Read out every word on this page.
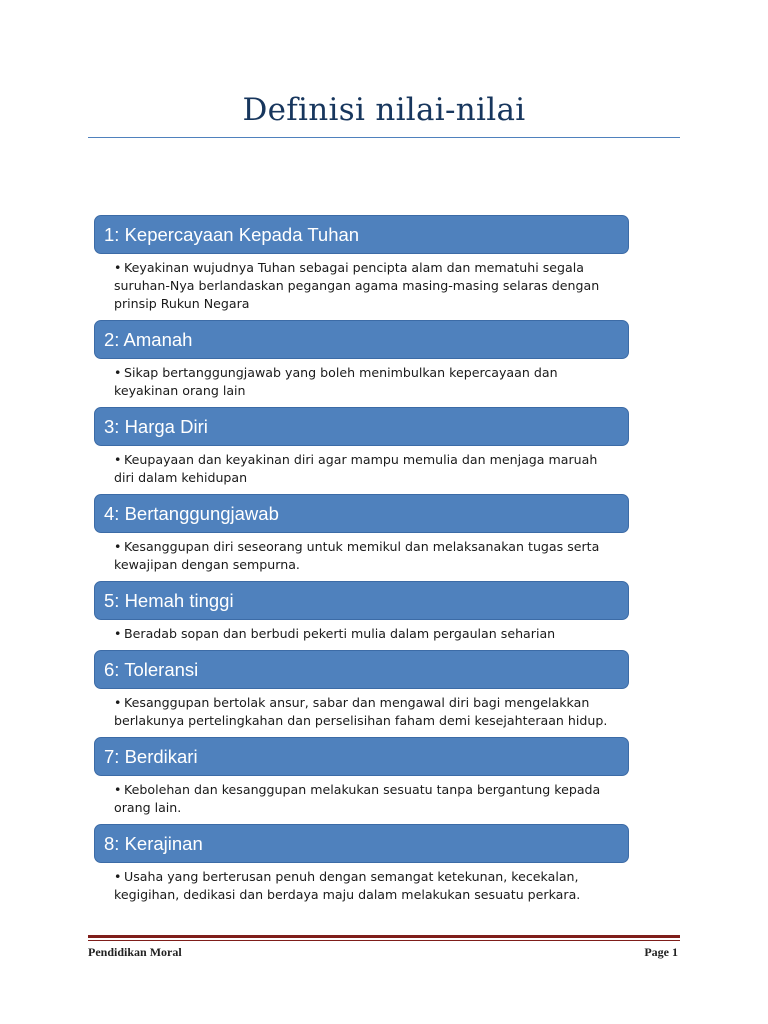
Definisi nilai-nilai
1: Kepercayaan Kepada Tuhan
• Keyakinan wujudnya Tuhan sebagai pencipta alam dan mematuhi segala suruhan-Nya berlandaskan pegangan agama masing-masing selaras dengan prinsip Rukun Negara
2: Amanah
• Sikap bertanggungjawab yang boleh menimbulkan kepercayaan dan keyakinan orang lain
3: Harga Diri
• Keupayaan dan keyakinan diri agar mampu memulia dan menjaga maruah diri dalam kehidupan
4: Bertanggungjawab
• Kesanggupan diri seseorang untuk memikul dan melaksanakan tugas serta kewajipan dengan sempurna.
5: Hemah tinggi
• Beradab sopan dan berbudi pekerti mulia dalam pergaulan seharian
6: Toleransi
• Kesanggupan bertolak ansur, sabar dan mengawal diri bagi mengelakkan berlakunya pertelingkahan dan perselisihan faham demi kesejahteraan hidup.
7: Berdikari
• Kebolehan dan kesanggupan melakukan sesuatu tanpa bergantung kepada orang lain.
8: Kerajinan
• Usaha yang berterusan penuh dengan semangat ketekunan, kecekalan, kegigihan, dedikasi dan berdaya maju dalam melakukan sesuatu perkara.
Pendidikan Moral	Page 1
